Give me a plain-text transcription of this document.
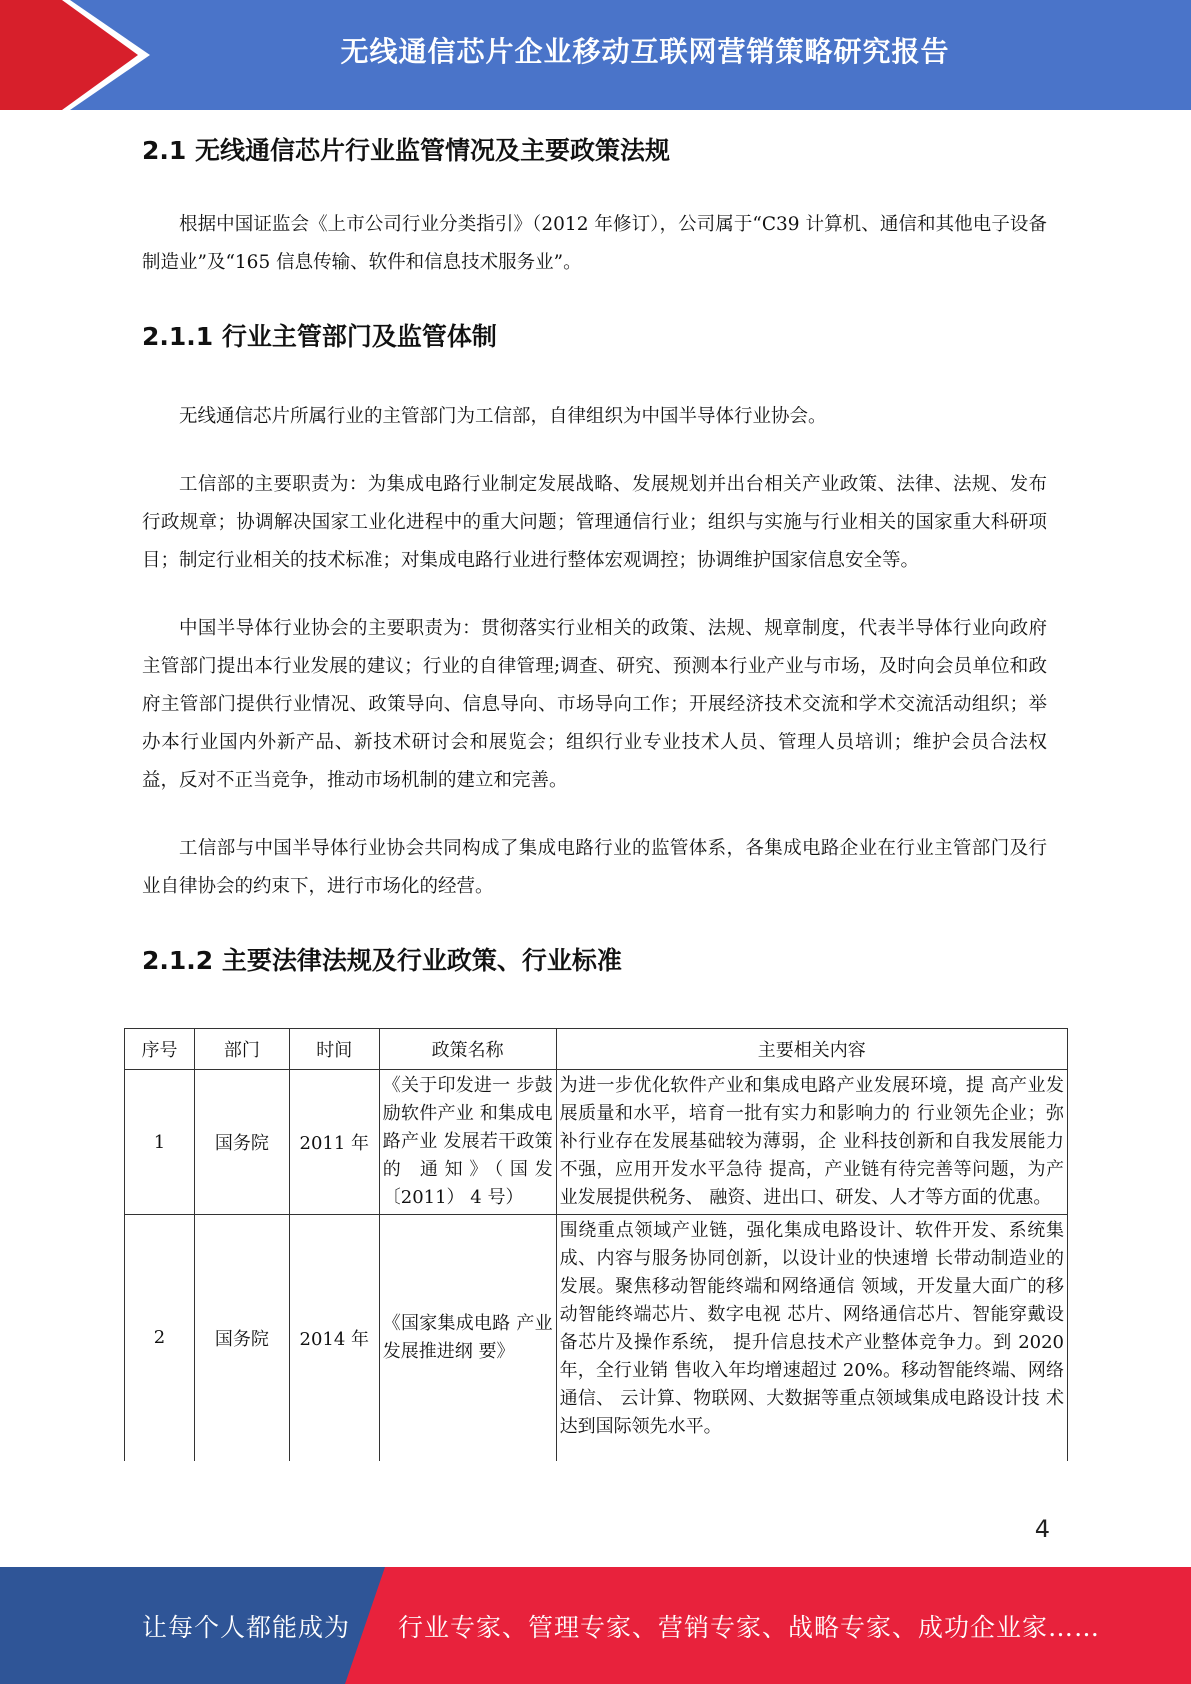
无线通信芯片企业移动互联网营销策略研究报告
2.1 无线通信芯片行业监管情况及主要政策法规

根据中国证监会《上市公司行业分类指引》（2012 年修订），公司属于“C39 计算机、通信和其他电子设备制造业”及“165 信息传输、软件和信息技术服务业”。

2.1.1 行业主管部门及监管体制

无线通信芯片所属行业的主管部门为工信部，自律组织为中国半导体行业协会。

工信部的主要职责为：为集成电路行业制定发展战略、发展规划并出台相关产业政策、法律、法规、发布行政规章；协调解决国家工业化进程中的重大问题；管理通信行业；组织与实施与行业相关的国家重大科研项目；制定行业相关的技术标准；对集成电路行业进行整体宏观调控；协调维护国家信息安全等。

中国半导体行业协会的主要职责为：贯彻落实行业相关的政策、法规、规章制度，代表半导体行业向政府主管部门提出本行业发展的建议；行业的自律管理;调查、研究、预测本行业产业与市场，及时向会员单位和政府主管部门提供行业情况、政策导向、信息导向、市场导向工作；开展经济技术交流和学术交流活动组织；举办本行业国内外新产品、新技术研讨会和展览会；组织行业专业技术人员、管理人员培训；维护会员合法权益，反对不正当竞争，推动市场机制的建立和完善。

工信部与中国半导体行业协会共同构成了集成电路行业的监管体系，各集成电路企业在行业主管部门及行业自律协会的约束下，进行市场化的经营。

2.1.2 主要法律法规及行业政策、行业标准
序号	部门	时间	政策名称	主要相关内容
1	国务院	2011 年	《关于印发进一 步鼓励软件产业 和集成电路产业 发展若干政策的 通知》（国发〔2011） 4 号）	为进一步优化软件产业和集成电路产业发展环境，提 高产业发展质量和水平，培育一批有实力和影响力的 行业领先企业；弥补行业存在发展基础较为薄弱，企 业科技创新和自我发展能力不强，应用开发水平急待 提高，产业链有待完善等问题，为产业发展提供税务、 融资、进出口、研发、人才等方面的优惠。
2	国务院	2014 年	《国家集成电路 产业发展推进纲 要》	围绕重点领域产业链，强化集成电路设计、软件开发、系统集成、内容与服务协同创新，以设计业的快速增 长带动制造业的发展。聚焦移动智能终端和网络通信 领域，开发量大面广的移动智能终端芯片、数字电视 芯片、网络通信芯片、智能穿戴设备芯片及操作系统， 提升信息技术产业整体竞争力。到 2020 年，全行业销 售收入年均增速超过 20%。移动智能终端、网络通信、 云计算、物联网、大数据等重点领域集成电路设计技 术达到国际领先水平。
4
让每个人都能成为 行业专家、管理专家、营销专家、战略专家、成功企业家……
